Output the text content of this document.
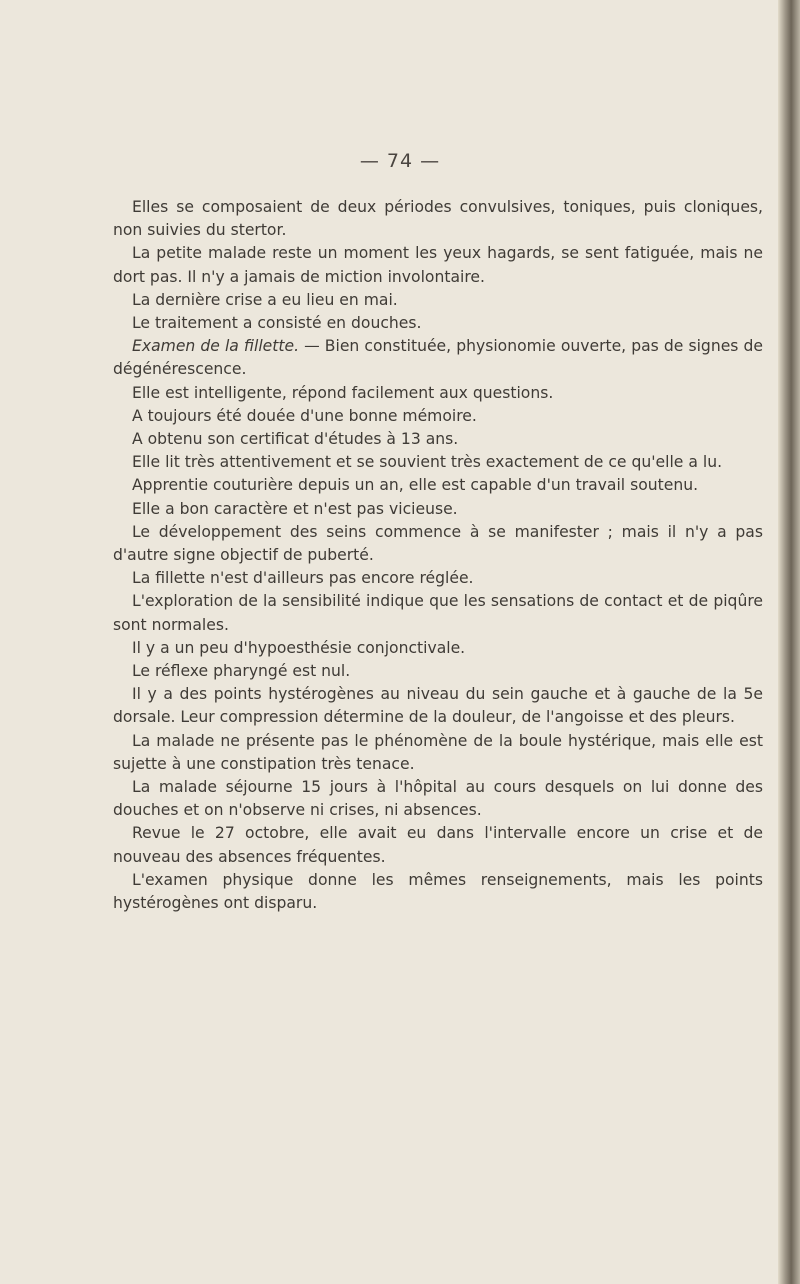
— 74 —

Elles se composaient de deux périodes convulsives, toniques, puis cloniques, non suivies du stertor.

La petite malade reste un moment les yeux hagards, se sent fatiguée, mais ne dort pas. Il n'y a jamais de miction involontaire.

La dernière crise a eu lieu en mai.

Le traitement a consisté en douches.

Examen de la fillette. — Bien constituée, physionomie ouverte, pas de signes de dégénérescence.

Elle est intelligente, répond facilement aux questions.

A toujours été douée d'une bonne mémoire.

A obtenu son certificat d'études à 13 ans.

Elle lit très attentivement et se souvient très exactement de ce qu'elle a lu.

Apprentie couturière depuis un an, elle est capable d'un travail soutenu.

Elle a bon caractère et n'est pas vicieuse.

Le développement des seins commence à se manifester ; mais il n'y a pas d'autre signe objectif de puberté.

La fillette n'est d'ailleurs pas encore réglée.

L'exploration de la sensibilité indique que les sensations de contact et de piqûre sont normales.

Il y a un peu d'hypoesthésie conjonctivale.

Le réflexe pharyngé est nul.

Il y a des points hystérogènes au niveau du sein gauche et à gauche de la 5e dorsale. Leur compression détermine de la douleur, de l'angoisse et des pleurs.

La malade ne présente pas le phénomène de la boule hystérique, mais elle est sujette à une constipation très tenace.

La malade séjourne 15 jours à l'hôpital au cours desquels on lui donne des douches et on n'observe ni crises, ni absences.

Revue le 27 octobre, elle avait eu dans l'intervalle encore un crise et de nouveau des absences fréquentes.

L'examen physique donne les mêmes renseignements, mais les points hystérogènes ont disparu.
